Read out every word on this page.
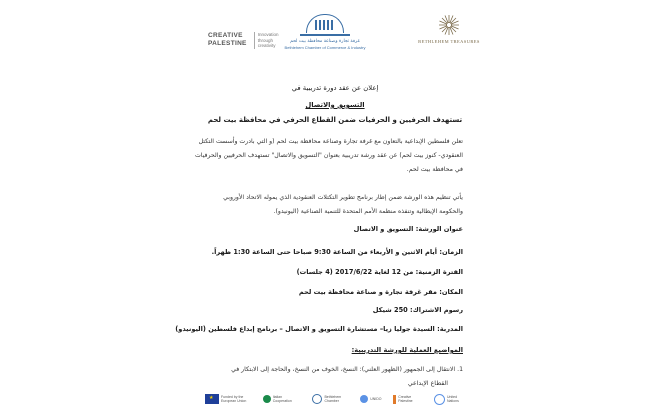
CREATIVE
PALESTINE
Innovation
through
creativity
غرفة تجارة وصناعة محافظة بيت لحم
Bethlehem Chamber of Commerce & Industry
BETHLEHEM TREASURES
إعلان عن عقد دورة تدريبية في
التسويق والاتصال
تستهدف الحرفيين و الحرفيات ضمن القطاع الحرفي في محافظة بيت لحم
تعلن فلسطين الإبداعية بالتعاون مع غرفة تجارة وصناعة محافظة بيت لحم (و التي بادرت وأسست التكتل
العنقودي- كنوز بيت لحم) عن عقد ورشة تدريبية بعنوان "التسويق والاتصال" تستهدف الحرفيين والحرفيات
في محافظة بيت لحم.
يأتي تنظيم هذه الورشة ضمن إطار برنامج تطوير التكتلات العنقودية الذي يموله الاتحاد الأوروبي
والحكومة الإيطالية وتنفذه منظمة الأمم المتحدة للتنمية الصناعية (اليونيدو).
عنوان الورشة: التسويق و الاتصال
الزمان: أيام الاثنين و الأربعاء من الساعة 9:30 صباحا حتى الساعة 1:30 ظهراً.
الفترة الزمنية: من 12 لغاية 2017/6/22 (4 جلسات)
المكان: مقر غرفة تجارة و صناعة محافظة بيت لحم
رسوم الاشتراك: 250 شيكل
المدربة: السيدة جوليا زيا– مستشارة التسويق و الاتصال – برنامج إبداع فلسطين (اليونيدو)
المواضيع العملية للورشة التدريبية:
1. الانتقال إلى الجمهور (الظهور العلني): النسخ، الخوف من النسخ، والحاجة إلى الابتكار في
القطاع الإبداعي
★
Funded by the European Union
Italian Cooperation
Bethlehem Chamber	UNIDO	Creative Palestine
United Nations
